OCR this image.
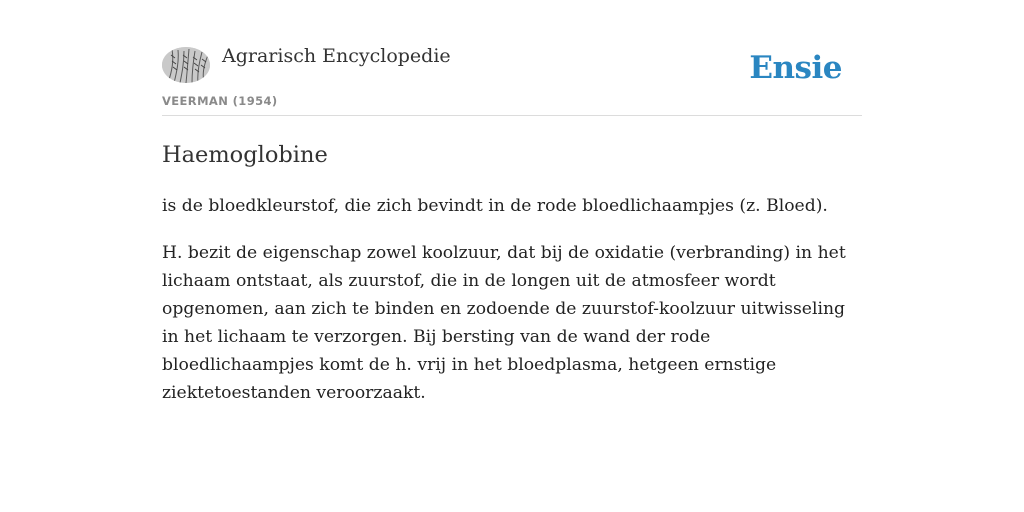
Agrarisch Encyclopedie
VEERMAN (1954)
Ensie
Haemoglobine

is de bloedkleurstof, die zich bevindt in de rode bloedlichaampjes (z. Bloed).

H. bezit de eigenschap zowel koolzuur, dat bij de oxidatie (verbranding) in het lichaam ontstaat, als zuurstof, die in de longen uit de atmosfeer wordt opgenomen, aan zich te binden en zodoende de zuurstof-koolzuur uitwisseling in het lichaam te verzorgen. Bij bersting van de wand der rode bloedlichaampjes komt de h. vrij in het bloedplasma, hetgeen ernstige ziektetoestanden veroorzaakt.
